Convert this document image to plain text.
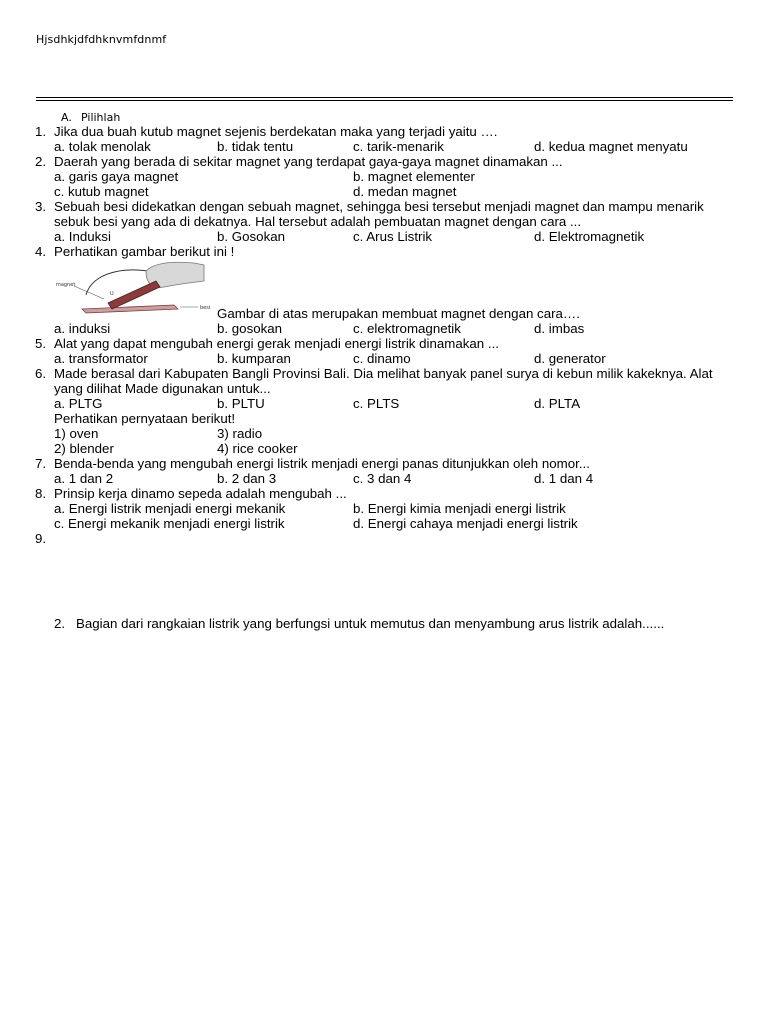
Hjsdhkjdfdhknvmfdnmf
A. Pilihlah
1. Jika dua buah kutub magnet sejenis berdekatan maka yang terjadi yaitu ….
a. tolak menolak	b. tidak tentu	c. tarik-menarik	d. kedua magnet menyatu
2. Daerah yang berada di sekitar magnet yang terdapat gaya-gaya magnet dinamakan ...
a. garis gaya magnet	b. magnet elementer
c. kutub magnet	d. medan magnet
3. Sebuah besi didekatkan dengan sebuah magnet, sehingga besi tersebut menjadi magnet dan mampu menarik sebuk besi yang ada di dekatnya. Hal tersebut adalah pembuatan magnet dengan cara ...
a. Induksi	b. Gosokan	c. Arus Listrik	d. Elektromagnetik
4. Perhatikan gambar berikut ini !
magnet
U
besi Gambar di atas merupakan membuat magnet dengan cara….
a. induksi	b. gosokan	c. elektromagnetik	d. imbas
5. Alat yang dapat mengubah energi gerak menjadi energi listrik dinamakan ...
a. transformator	b. kumparan	c. dinamo	d. generator
6. Made berasal dari Kabupaten Bangli Provinsi Bali. Dia melihat banyak panel surya di kebun milik kakeknya. Alat yang dilihat Made digunakan untuk...
a. PLTG	b. PLTU	c. PLTS	d. PLTA
Perhatikan pernyataan berikut!
1) oven	3) radio
2) blender	4) rice cooker
7. Benda-benda yang mengubah energi listrik menjadi energi panas ditunjukkan oleh nomor...
a. 1 dan 2	b. 2 dan 3	c. 3 dan 4	d. 1 dan 4
8. Prinsip kerja dinamo sepeda adalah mengubah ...
a. Energi listrik menjadi energi mekanik	b. Energi kimia menjadi energi listrik
c. Energi mekanik menjadi energi listrik	d. Energi cahaya menjadi energi listrik
9.
2. Bagian dari rangkaian listrik yang berfungsi untuk memutus dan menyambung arus listrik adalah......
